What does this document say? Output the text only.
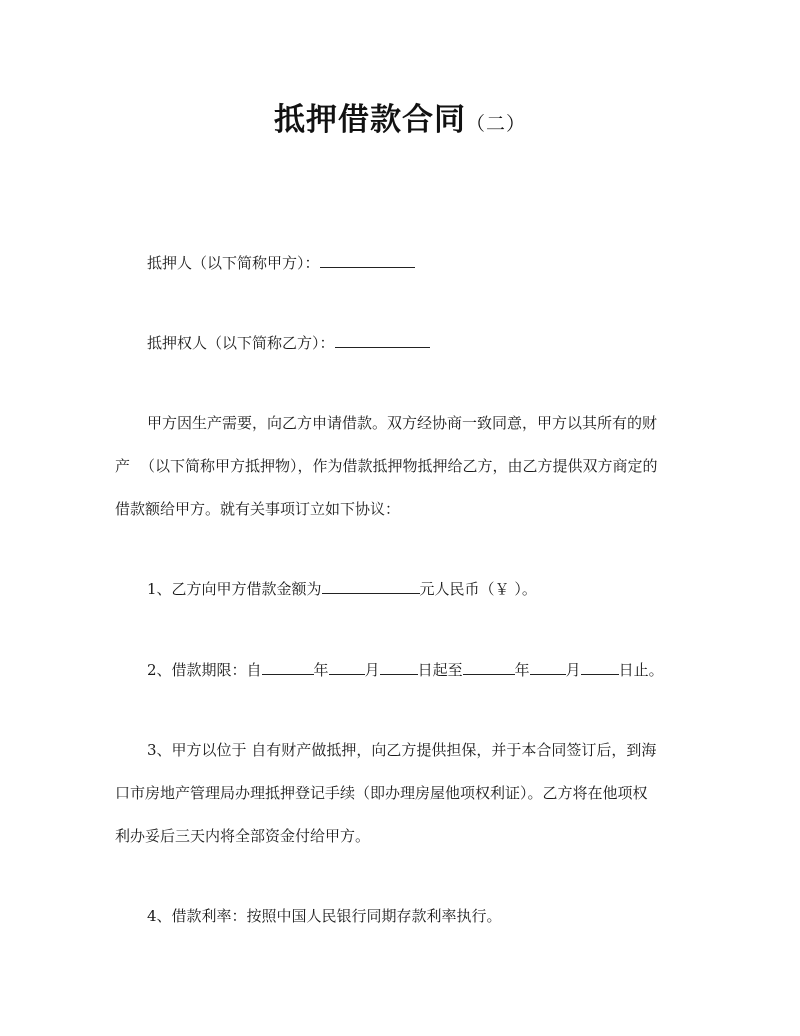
抵押借款合同（二）
抵押人（以下简称甲方）：
抵押权人（以下简称乙方）：
甲方因生产需要，向乙方申请借款。双方经协商一致同意，甲方以其所有的财
产 （以下简称甲方抵押物），作为借款抵押物抵押给乙方，由乙方提供双方商定的
借款额给甲方。就有关事项订立如下协议：
1、乙方向甲方借款金额为	元人民币（￥ ）。
2、借款期限：自	年 月	日起至	年 月	日止。
3、甲方以位于 自有财产做抵押，向乙方提供担保，并于本合同签订后，到海
口市房地产管理局办理抵押登记手续（即办理房屋他项权利证）。乙方将在他项权
利办妥后三天内将全部资金付给甲方。
4、借款利率：按照中国人民银行同期存款利率执行。
